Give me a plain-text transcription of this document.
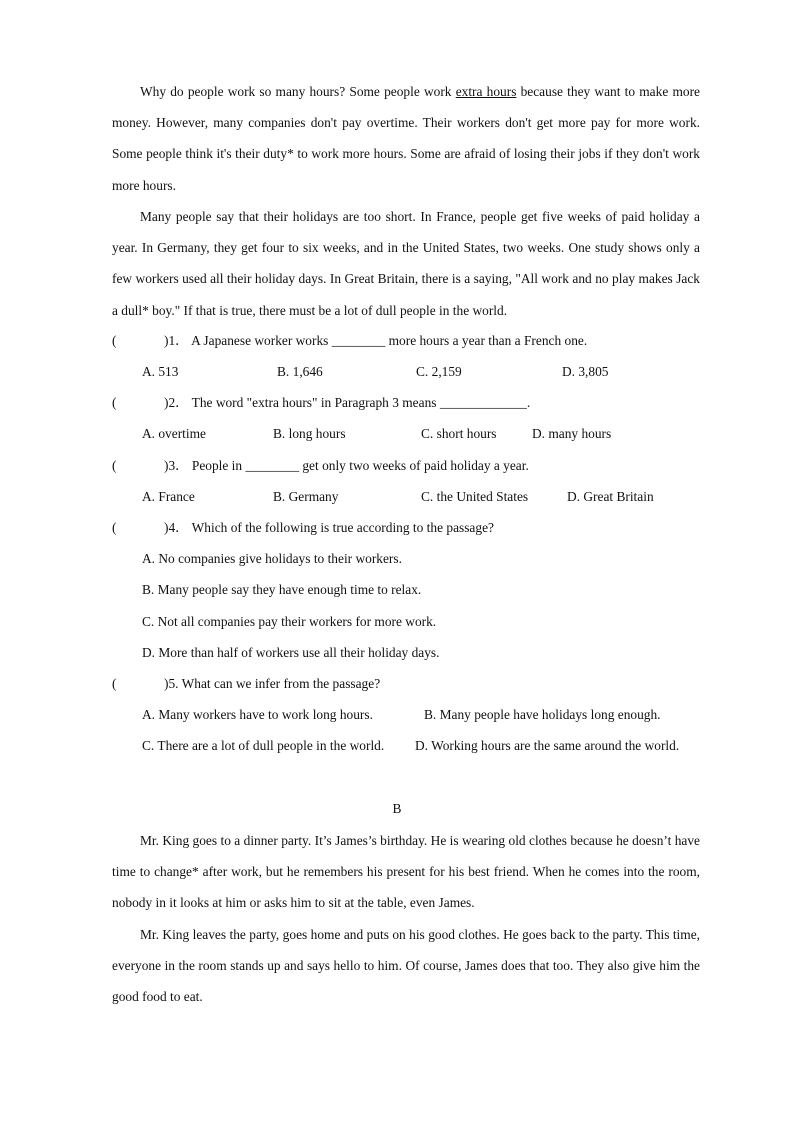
Why do people work so many hours? Some people work extra hours because they want to make more money. However, many companies don't pay overtime. Their workers don't get more pay for more work. Some people think it's their duty* to work more hours. Some are afraid of losing their jobs if they don't work more hours.

Many people say that their holidays are too short. In France, people get five weeks of paid holiday a year. In Germany, they get four to six weeks, and in the United States, two weeks. One study shows only a few workers used all their holiday days. In Great Britain, there is a saying, "All work and no play makes Jack a dull* boy." If that is true, there must be a lot of dull people in the world.

(	)1． A Japanese worker works ________ more hours a year than a French one.
A. 513	B. 1,646	C. 2,159	D. 3,805
(	)2． The word "extra hours" in Paragraph 3 means _____________.
A. overtime	B. long hours	C. short hours	D. many hours
(	)3． People in ________ get only two weeks of paid holiday a year.
A. France	B. Germany	C. the United States	D. Great Britain
(	)4． Which of the following is true according to the passage?
A. No companies give holidays to their workers.
B. Many people say they have enough time to relax.
C. Not all companies pay their workers for more work.
D. More than half of workers use all their holiday days.
(	)5. What can we infer from the passage?
A. Many workers have to work long hours.	B. Many people have holidays long enough.
C. There are a lot of dull people in the world. D. Working hours are the same around the world.
B

Mr. King goes to a dinner party. It’s James’s birthday. He is wearing old clothes because he doesn’t have time to change* after work, but he remembers his present for his best friend. When he comes into the room, nobody in it looks at him or asks him to sit at the table, even James.

Mr. King leaves the party, goes home and puts on his good clothes. He goes back to the party. This time, everyone in the room stands up and says hello to him. Of course, James does that too. They also give him the good food to eat.
